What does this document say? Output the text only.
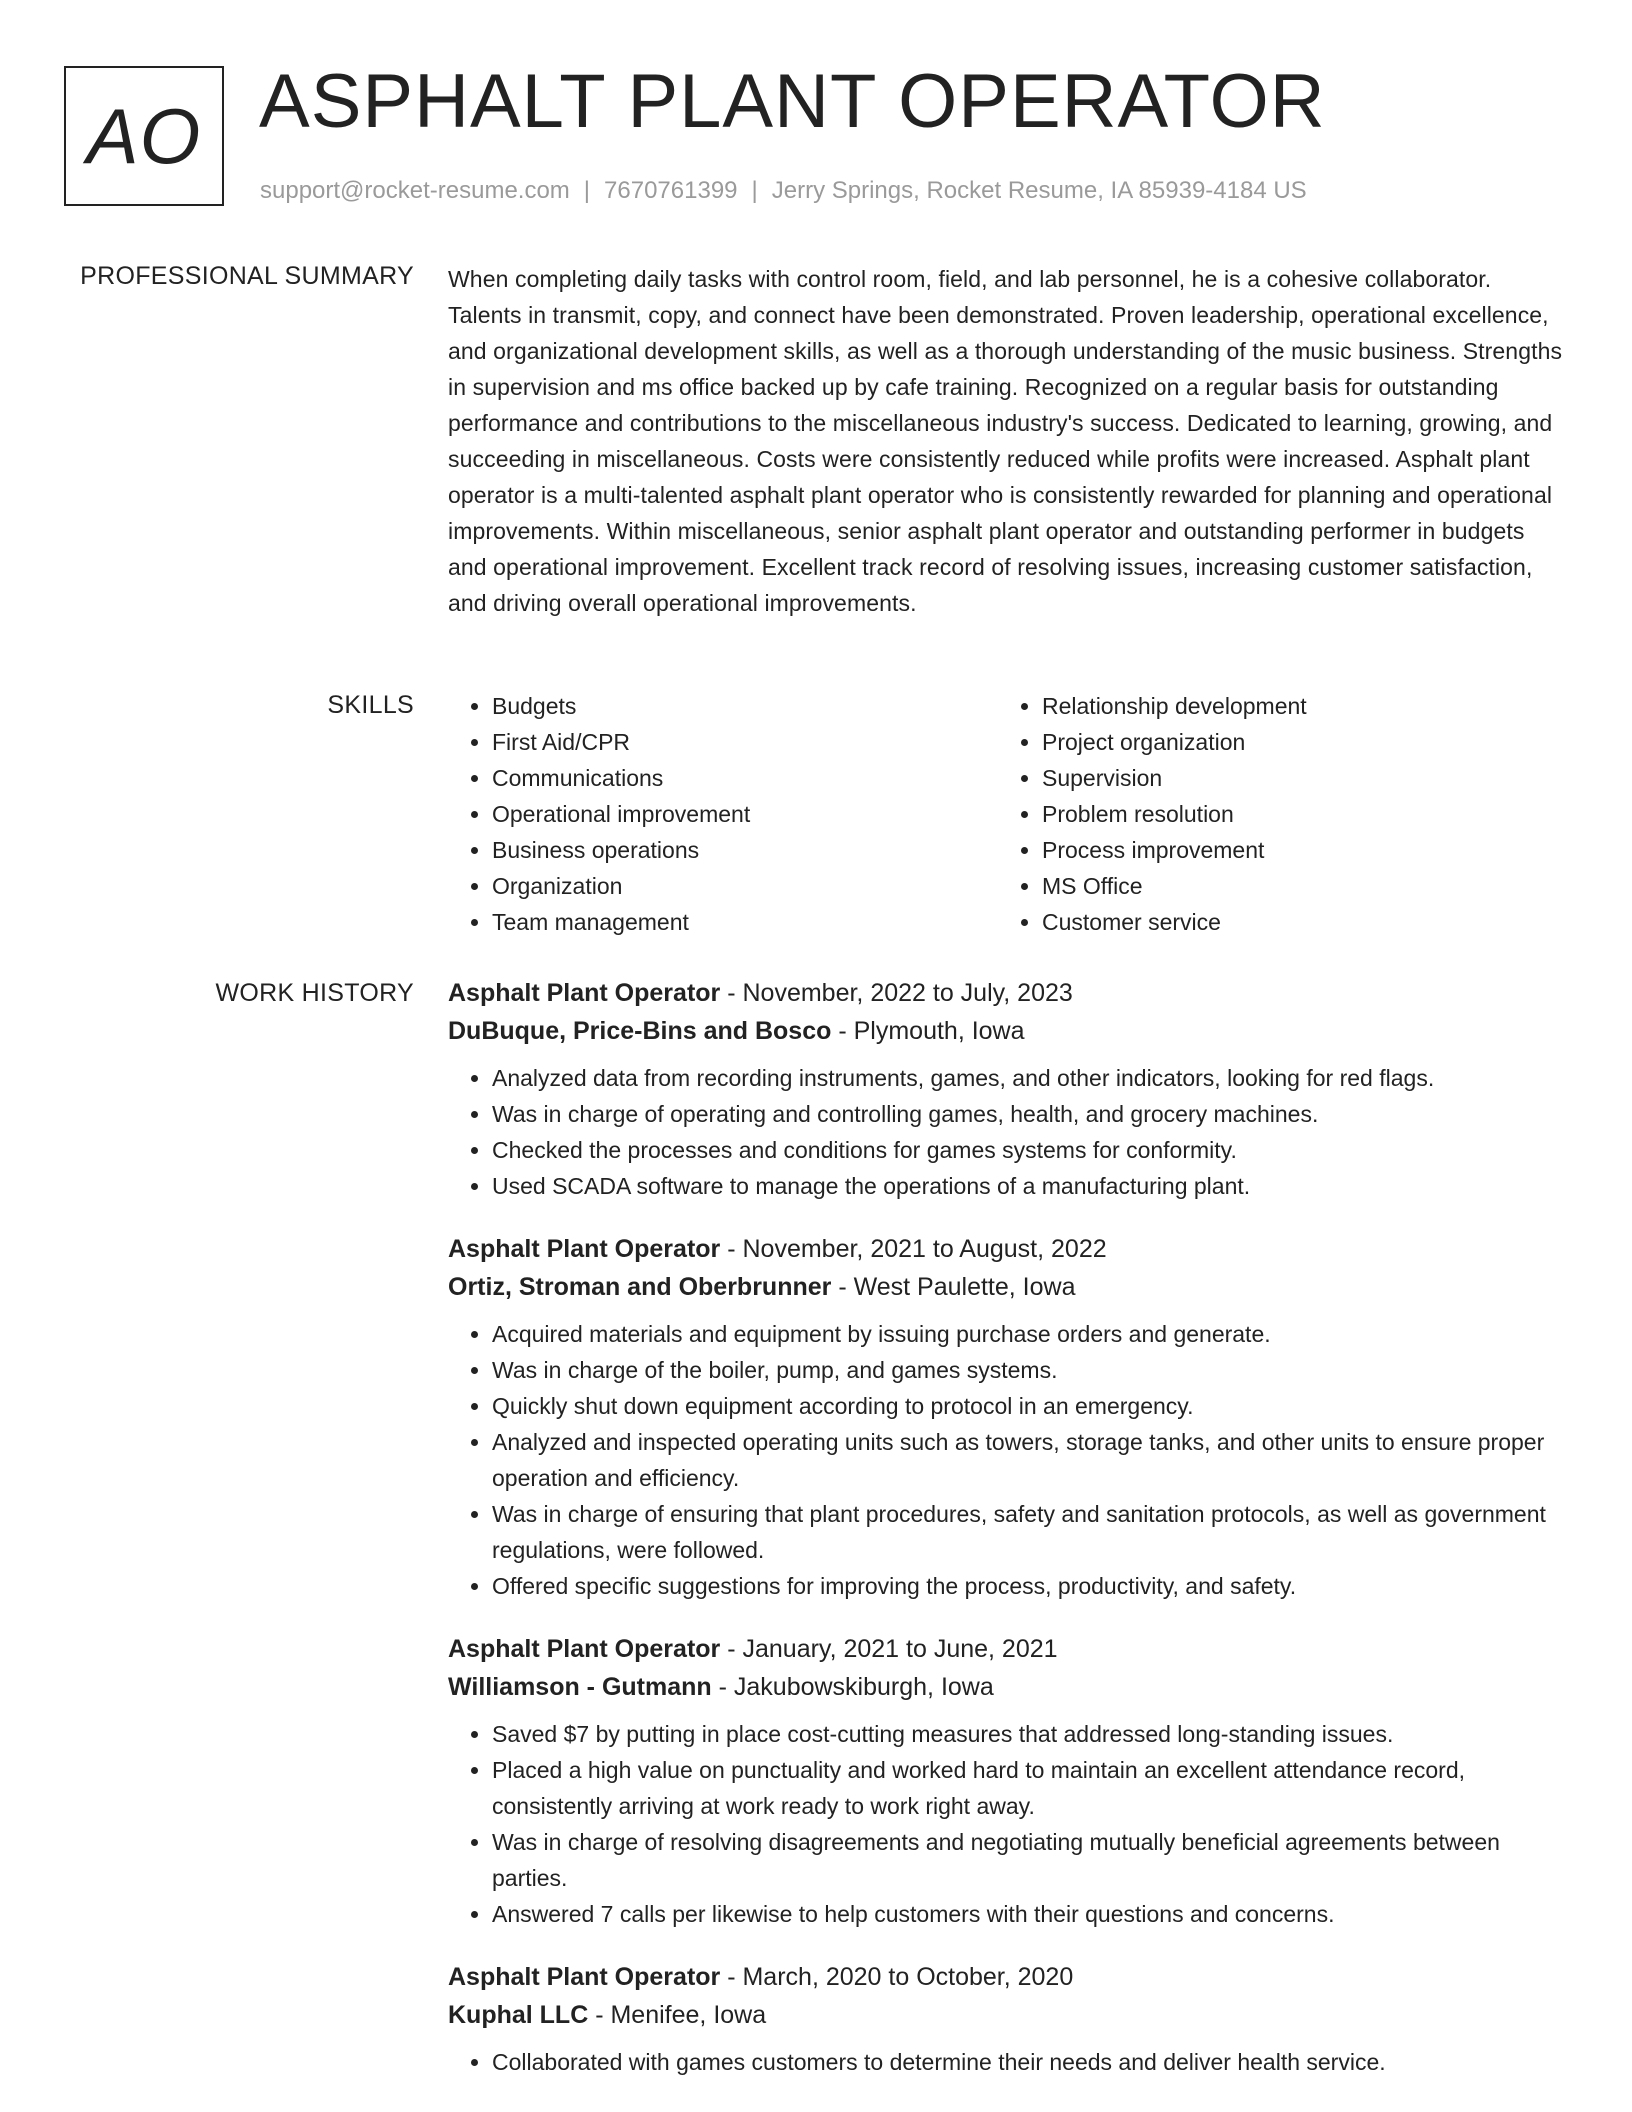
AO ASPHALT PLANT OPERATOR
support@rocket-resume.com | 7670761399 | Jerry Springs, Rocket Resume, IA 85939-4184 US
PROFESSIONAL SUMMARY When completing daily tasks with control room, field, and lab personnel, he is a cohesive collaborator. Talents in transmit, copy, and connect have been demonstrated. Proven leadership, operational excellence, and organizational development skills, as well as a thorough understanding of the music business. Strengths in supervision and ms office backed up by cafe training. Recognized on a regular basis for outstanding performance and contributions to the miscellaneous industry's success. Dedicated to learning, growing, and succeeding in miscellaneous. Costs were consistently reduced while profits were increased. Asphalt plant operator is a multi-talented asphalt plant operator who is consistently rewarded for planning and operational improvements. Within miscellaneous, senior asphalt plant operator and outstanding performer in budgets and operational improvement. Excellent track record of resolving issues, increasing customer satisfaction, and driving overall operational improvements.

SKILLS
•	Budgets
• First Aid/CPR
• Communications
• Operational improvement
• Business operations
• Organization
• Team management
• Relationship development
• Project organization
• Supervision
• Problem resolution
• Process improvement
• MS Office
• Customer service
WORK HISTORY Asphalt Plant Operator - November, 2022 to July, 2023
DuBuque, Price-Bins and Bosco - Plymouth, Iowa
• Analyzed data from recording instruments, games, and other indicators, looking for red flags.
• Was in charge of operating and controlling games, health, and grocery machines.
• Checked the processes and conditions for games systems for conformity.
• Used SCADA software to manage the operations of a manufacturing plant.
Asphalt Plant Operator - November, 2021 to August, 2022
Ortiz, Stroman and Oberbrunner - West Paulette, Iowa
• Acquired materials and equipment by issuing purchase orders and generate.
• Was in charge of the boiler, pump, and games systems.
• Quickly shut down equipment according to protocol in an emergency.
• Analyzed and inspected operating units such as towers, storage tanks, and other units to ensure proper operation and efficiency.
• Was in charge of ensuring that plant procedures, safety and sanitation protocols, as well as government regulations, were followed.
• Offered specific suggestions for improving the process, productivity, and safety.
Asphalt Plant Operator - January, 2021 to June, 2021
Williamson - Gutmann - Jakubowskiburgh, Iowa
• Saved $7 by putting in place cost-cutting measures that addressed long-standing issues.
• Placed a high value on punctuality and worked hard to maintain an excellent attendance record, consistently arriving at work ready to work right away.
• Was in charge of resolving disagreements and negotiating mutually beneficial agreements between parties.
• Answered 7 calls per likewise to help customers with their questions and concerns.
Asphalt Plant Operator - March, 2020 to October, 2020
Kuphal LLC - Menifee, Iowa
• Collaborated with games customers to determine their needs and deliver health service.
